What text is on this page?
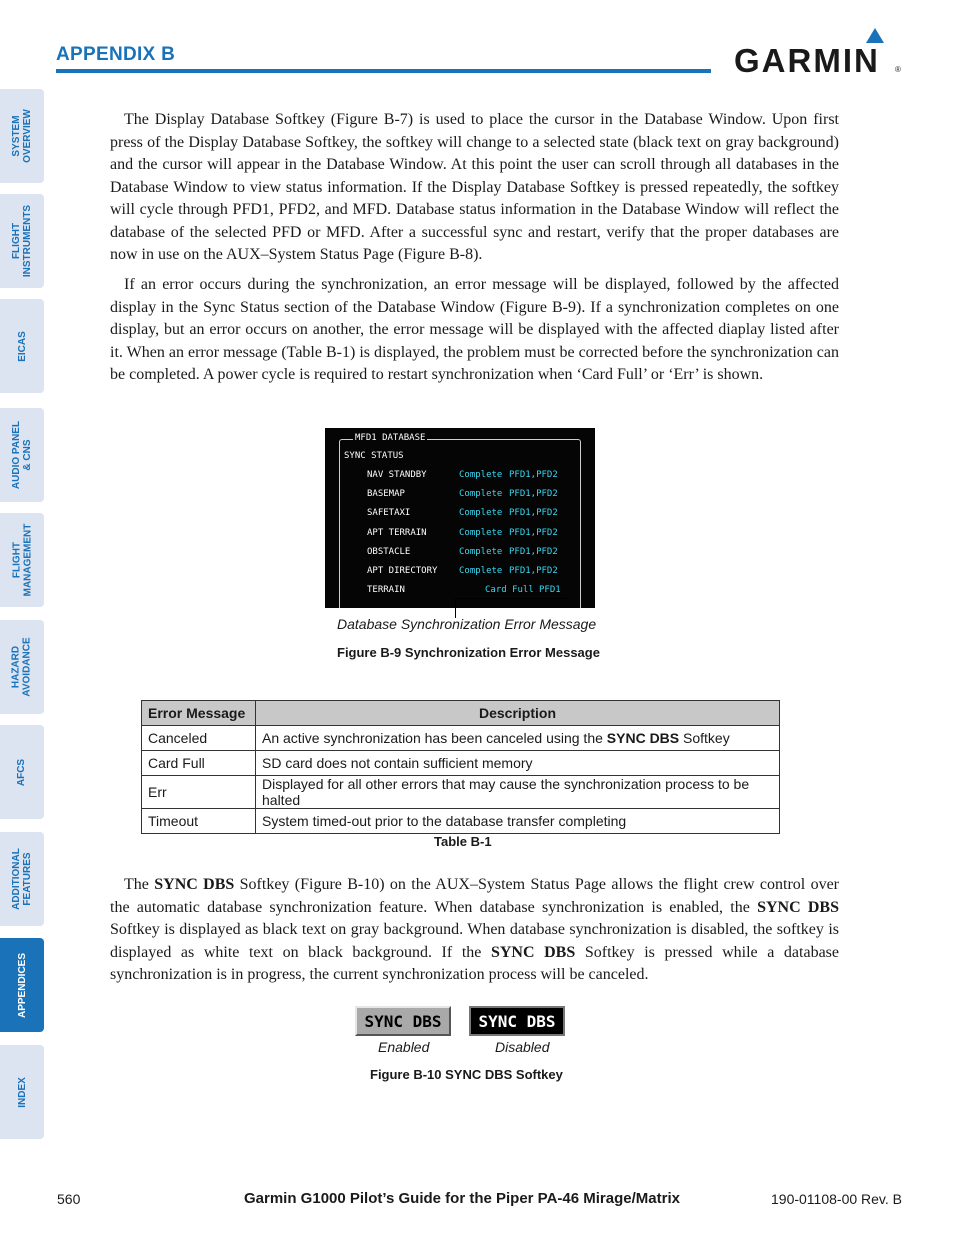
APPENDIX B	GARMIN ®
SYSTEM
OVERVIEW
FLIGHT
INSTRUMENTS
EICAS
AUDIO PANEL
& CNS
FLIGHT
MANAGEMENT
HAZARD
AVOIDANCE
AFCS
ADDITIONAL
FEATURES
APPENDICES
INDEX

The Display Database Softkey (Figure B-7) is used to place the cursor in the Database Window. Upon first press of the Display Database Softkey, the softkey will change to a selected state (black text on gray background) and the cursor will appear in the Database Window. At this point the user can scroll through all databases in the Database Window to view status information. If the Display Database Softkey is pressed repeatedly, the softkey will cycle through PFD1, PFD2, and MFD. Database status information in the Database Window will reflect the database of the selected PFD or MFD. After a successful sync and restart, verify that the proper databases are now in use on the AUX–System Status Page (Figure B-8).

If an error occurs during the synchronization, an error message will be displayed, followed by the affected display in the Sync Status section of the Database Window (Figure B-9). If a synchronization completes on one display, but an error occurs on another, the error message will be displayed with the affected diaplay listed after it. When an error message (Table B-1) is displayed, the problem must be corrected before the synchronization can be completed. A power cycle is required to restart synchronization when ‘Card Full’ or ‘Err’ is shown.

MFD1 DATABASE
SYNC STATUS
NAV STANDBY	Complete PFD1,PFD2
BASEMAP	Complete PFD1,PFD2
SAFETAXI	Complete PFD1,PFD2
APT TERRAIN	Complete PFD1,PFD2
OBSTACLE	Complete PFD1,PFD2
APT DIRECTORY Complete PFD1,PFD2
TERRAIN	Card Full PFD1
Database Synchronization Error Message
Figure B-9 Synchronization Error Message
Error Message	Description
Canceled	An active synchronization has been canceled using the SYNC DBS Softkey
Card Full	SD card does not contain sufficient memory
Err	Displayed for all other errors that may cause the synchronization process to be halted
Timeout	System timed-out prior to the database transfer completing
Table B-1

The SYNC DBS Softkey (Figure B-10) on the AUX–System Status Page allows the flight crew control over the automatic database synchronization feature. When database synchronization is enabled, the SYNC DBS Softkey is displayed as black text on gray background. When database synchronization is disabled, the softkey is displayed as white text on black background. If the SYNC DBS Softkey is pressed while a database synchronization is in progress, the current synchronization process will be canceled.

SYNC DBS	SYNC DBS
Enabled	Disabled
Figure B-10 SYNC DBS Softkey
560	Garmin G1000 Pilot’s Guide for the Piper PA-46 Mirage/Matrix	190-01108-00 Rev. B
